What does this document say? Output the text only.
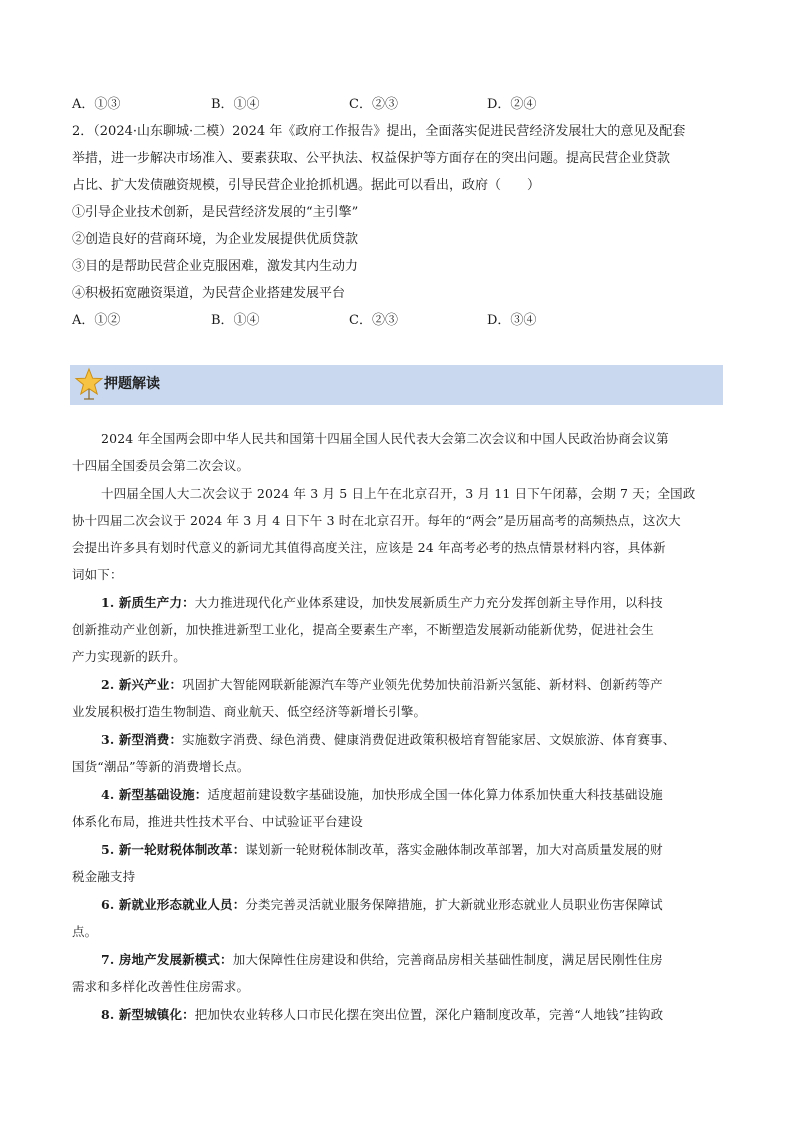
A．①③	B．①④	C．②③	D．②④
2．（2024·山东聊城·二模）2024 年《政府工作报告》提出，全面落实促进民营经济发展壮大的意见及配套
举措，进一步解决市场准入、要素获取、公平执法、权益保护等方面存在的突出问题。提高民营企业贷款
占比、扩大发债融资规模，引导民营企业抢抓机遇。据此可以看出，政府（　　）
①引导企业技术创新，是民营经济发展的“主引擎”
②创造良好的营商环境，为企业发展提供优质贷款
③目的是帮助民营企业克服困难，激发其内生动力
④积极拓宽融资渠道，为民营企业搭建发展平台
A．①②	B．①④	C．②③	D．③④
押题解读
2024 年全国两会即中华人民共和国第十四届全国人民代表大会第二次会议和中国人民政治协商会议第
十四届全国委员会第二次会议。
十四届全国人大二次会议于 2024 年 3 月 5 日上午在北京召开，3 月 11 日下午闭幕，会期 7 天；全国政
协十四届二次会议于 2024 年 3 月 4 日下午 3 时在北京召开。每年的“两会”是历届高考的高频热点，这次大
会提出许多具有划时代意义的新词尤其值得高度关注，应该是 24 年高考必考的热点情景材料内容，具体新
词如下：
1. 新质生产力：大力推进现代化产业体系建设，加快发展新质生产力充分发挥创新主导作用，以科技
创新推动产业创新，加快推进新型工业化，提高全要素生产率，不断塑造发展新动能新优势，促进社会生
产力实现新的跃升。
2. 新兴产业：巩固扩大智能网联新能源汽车等产业领先优势加快前沿新兴氢能、新材料、创新药等产
业发展积极打造生物制造、商业航天、低空经济等新增长引擎。
3. 新型消费：实施数字消费、绿色消费、健康消费促进政策积极培育智能家居、文娱旅游、体育赛事、
国货“潮品”等新的消费增长点。
4. 新型基础设施：适度超前建设数字基础设施，加快形成全国一体化算力体系加快重大科技基础设施
体系化布局，推进共性技术平台、中试验证平台建设
5. 新一轮财税体制改革：谋划新一轮财税体制改革，落实金融体制改革部署，加大对高质量发展的财
税金融支持
6. 新就业形态就业人员：分类完善灵活就业服务保障措施，扩大新就业形态就业人员职业伤害保障试
点。
7. 房地产发展新模式：加大保障性住房建设和供给，完善商品房相关基础性制度，满足居民刚性住房
需求和多样化改善性住房需求。
8. 新型城镇化：把加快农业转移人口市民化摆在突出位置，深化户籍制度改革，完善“人地钱”挂钩政
